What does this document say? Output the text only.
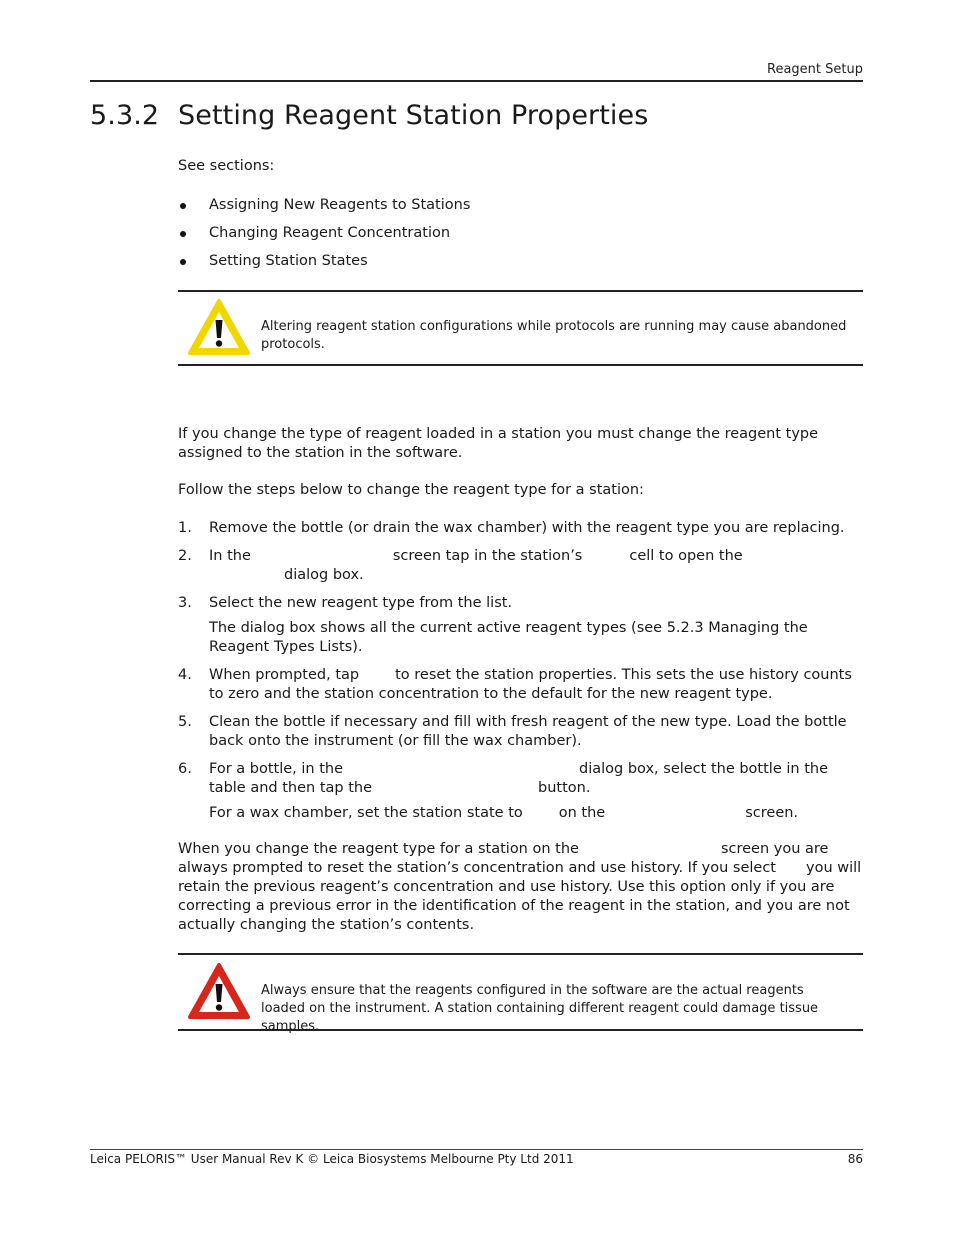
Reagent Setup
5.3.2 Setting Reagent Station Properties
See sections:
Assigning New Reagents to Stations
Changing Reagent Concentration
Setting Station States
Altering reagent station configurations while protocols are running may cause abandoned protocols.
If you change the type of reagent loaded in a station you must change the reagent type assigned to the station in the software.
Follow the steps below to change the reagent type for a station:
1. Remove the bottle (or drain the wax chamber) with the reagent type you are replacing.
2. In the	screen tap in the station’s	cell to open the
dialog box.
3. Select the new reagent type from the list.
The dialog box shows all the current active reagent types (see 5.2.3 Managing the Reagent Types Lists).
4. When prompted, tap to reset the station properties. This sets the use history counts to zero and the station concentration to the default for the new reagent type.
5. Clean the bottle if necessary and fill with fresh reagent of the new type. Load the bottle back onto the instrument (or fill the wax chamber).
6. For a bottle, in the	dialog box, select the bottle in the table and then tap the	button.
For a wax chamber, set the station state to on the	screen.
When you change the reagent type for a station on the	screen you are always prompted to reset the station’s concentration and use history. If you select you will retain the previous reagent’s concentration and use history. Use this option only if you are correcting a previous error in the identification of the reagent in the station, and you are not actually changing the station’s contents.
Always ensure that the reagents configured in the software are the actual reagents loaded on the instrument. A station containing different reagent could damage tissue samples.
Leica PELORIS™ User Manual Rev K © Leica Biosystems Melbourne Pty Ltd 2011	86
